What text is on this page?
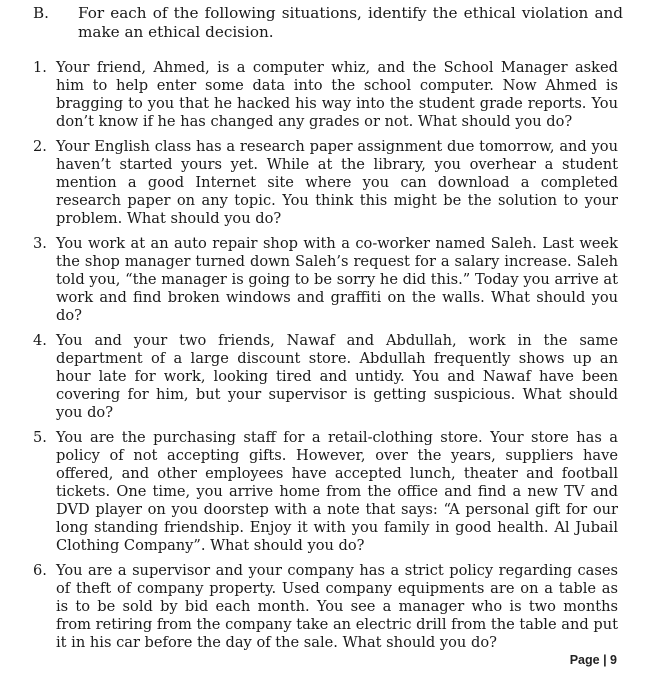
B.	For each of the following situations, identify the ethical violation and make an ethical decision.
1. Your friend, Ahmed, is a computer whiz, and the School Manager asked him to help enter some data into the school computer. Now Ahmed is bragging to you that he hacked his way into the student grade reports. You don’t know if he has changed any grades or not. What should you do?
2. Your English class has a research paper assignment due tomorrow, and you haven’t started yours yet. While at the library, you overhear a student mention a good Internet site where you can download a completed research paper on any topic. You think this might be the solution to your problem. What should you do?
3. You work at an auto repair shop with a co-worker named Saleh. Last week the shop manager turned down Saleh’s request for a salary increase. Saleh told you, “the manager is going to be sorry he did this.” Today you arrive at work and find broken windows and graffiti on the walls. What should you do?
4. You and your two friends, Nawaf and Abdullah, work in the same department of a large discount store. Abdullah frequently shows up an hour late for work, looking tired and untidy. You and Nawaf have been covering for him, but your supervisor is getting suspicious. What should you do?
5. You are the purchasing staff for a retail-clothing store. Your store has a policy of not accepting gifts. However, over the years, suppliers have offered, and other employees have accepted lunch, theater and football tickets. One time, you arrive home from the office and find a new TV and DVD player on you doorstep with a note that says: “A personal gift for our long standing friendship. Enjoy it with you family in good health. Al Jubail Clothing Company”. What should you do?
6. You are a supervisor and your company has a strict policy regarding cases of theft of company property. Used company equipments are on a table as is to be sold by bid each month. You see a manager who is two months from retiring from the company take an electric drill from the table and put it in his car before the day of the sale. What should you do?
Page | 9
